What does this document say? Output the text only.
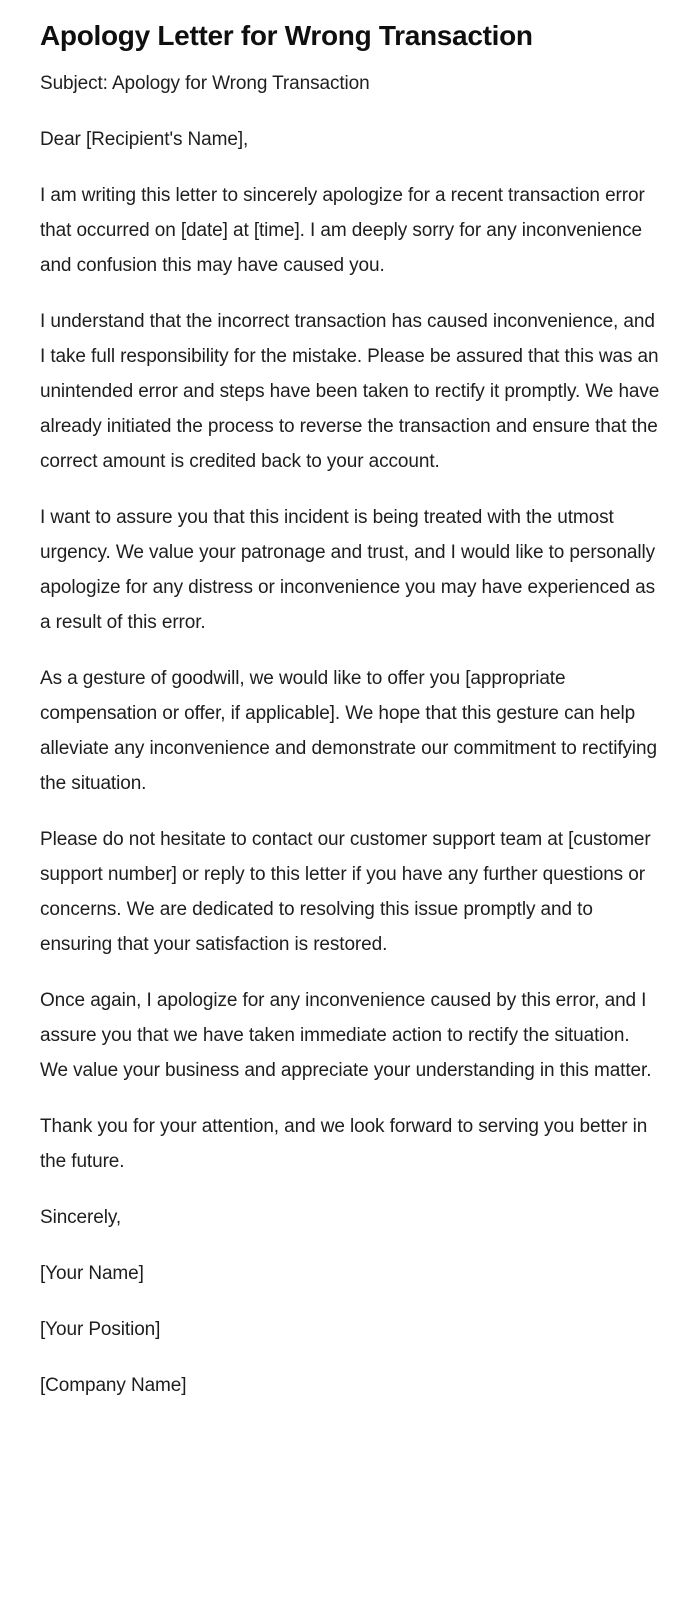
Apology Letter for Wrong Transaction

Subject: Apology for Wrong Transaction

Dear [Recipient's Name],

I am writing this letter to sincerely apologize for a recent transaction error that occurred on [date] at [time]. I am deeply sorry for any inconvenience and confusion this may have caused you.

I understand that the incorrect transaction has caused inconvenience, and I take full responsibility for the mistake. Please be assured that this was an unintended error and steps have been taken to rectify it promptly. We have already initiated the process to reverse the transaction and ensure that the correct amount is credited back to your account.

I want to assure you that this incident is being treated with the utmost urgency. We value your patronage and trust, and I would like to personally apologize for any distress or inconvenience you may have experienced as a result of this error.

As a gesture of goodwill, we would like to offer you [appropriate compensation or offer, if applicable]. We hope that this gesture can help alleviate any inconvenience and demonstrate our commitment to rectifying the situation.

Please do not hesitate to contact our customer support team at [customer support number] or reply to this letter if you have any further questions or concerns. We are dedicated to resolving this issue promptly and to ensuring that your satisfaction is restored.

Once again, I apologize for any inconvenience caused by this error, and I assure you that we have taken immediate action to rectify the situation. We value your business and appreciate your understanding in this matter.

Thank you for your attention, and we look forward to serving you better in the future.

Sincerely,

[Your Name]

[Your Position]

[Company Name]
